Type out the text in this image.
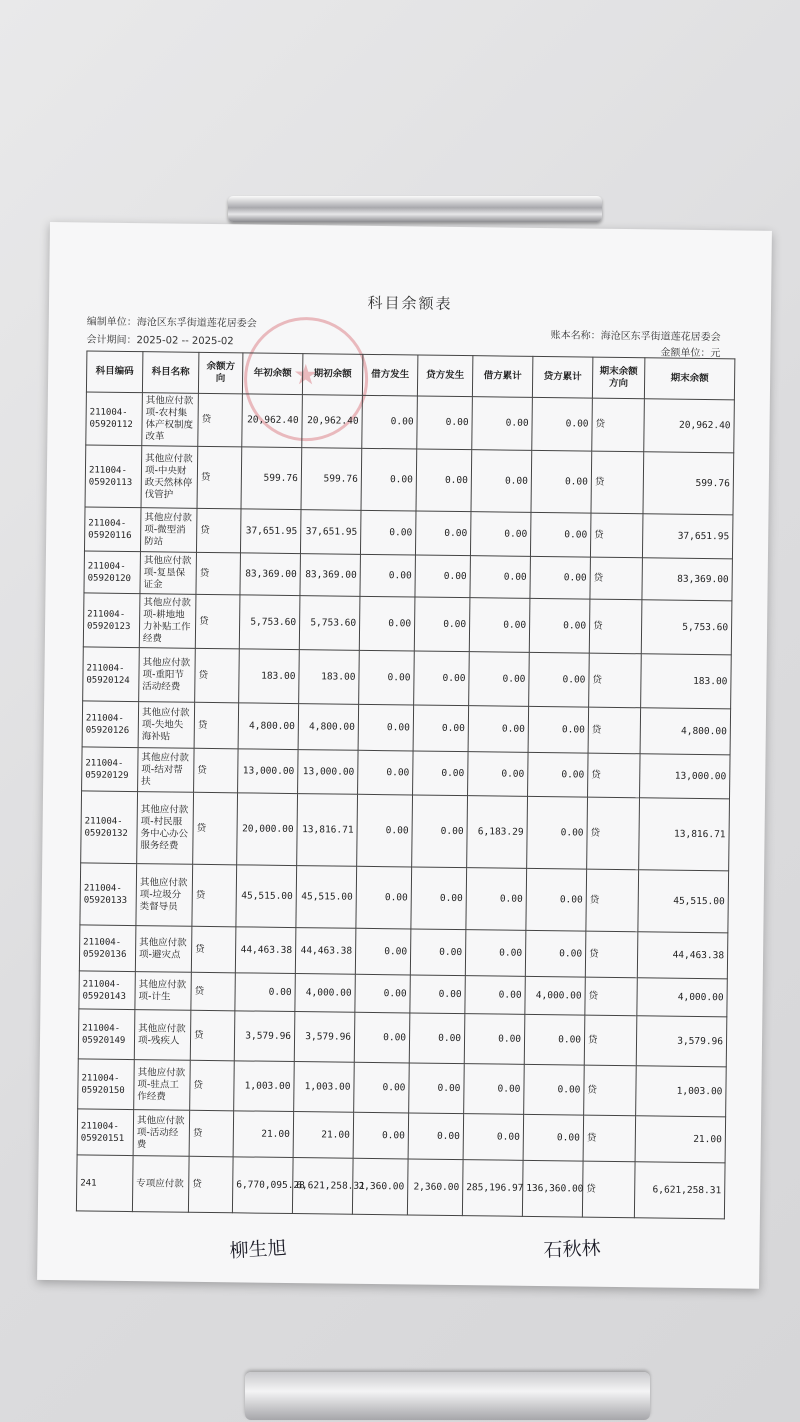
科目余额表
编制单位：海沧区东孚街道莲花居委会
会计期间：2025-02 -- 2025-02	账本名称：海沧区东孚街道莲花居委会
金额单位：元
★
科目编码	科目名称	余额方向	年初余额	期初余额	借方发生	贷方发生	借方累计	贷方累计	期末余额方向	期末余额
211004-05920112	其他应付款项-农村集体产权制度改革	贷	20,962.40	20,962.40	0.00	0.00	0.00	0.00	贷	20,962.40
211004-05920113	其他应付款项-中央财政天然林停伐管护	贷	599.76	599.76	0.00	0.00	0.00	0.00	贷	599.76
211004-05920116	其他应付款项-微型消防站	贷	37,651.95	37,651.95	0.00	0.00	0.00	0.00	贷	37,651.95
211004-05920120	其他应付款项-复垦保证金	贷	83,369.00	83,369.00	0.00	0.00	0.00	0.00	贷	83,369.00
211004-05920123	其他应付款项-耕地地力补贴工作经费	贷	5,753.60	5,753.60	0.00	0.00	0.00	0.00	贷	5,753.60
211004-05920124	其他应付款项-重阳节活动经费	贷	183.00	183.00	0.00	0.00	0.00	0.00	贷	183.00
211004-05920126	其他应付款项-失地失海补贴	贷	4,800.00	4,800.00	0.00	0.00	0.00	0.00	贷	4,800.00
211004-05920129	其他应付款项-结对帮扶	贷	13,000.00	13,000.00	0.00	0.00	0.00	0.00	贷	13,000.00
211004-05920132	其他应付款项-村民服务中心办公服务经费	贷	20,000.00	13,816.71	0.00	0.00	6,183.29	0.00	贷	13,816.71
211004-05920133	其他应付款项-垃圾分类督导员	贷	45,515.00	45,515.00	0.00	0.00	0.00	0.00	贷	45,515.00
211004-05920136	其他应付款项-避灾点	贷	44,463.38	44,463.38	0.00	0.00	0.00	0.00	贷	44,463.38
211004-05920143	其他应付款项-计生	贷	0.00	4,000.00	0.00	0.00	0.00	4,000.00	贷	4,000.00
211004-05920149	其他应付款项-残疾人	贷	3,579.96	3,579.96	0.00	0.00	0.00	0.00	贷	3,579.96
211004-05920150	其他应付款项-驻点工作经费	贷	1,003.00	1,003.00	0.00	0.00	0.00	0.00	贷	1,003.00
211004-05920151	其他应付款项-活动经费	贷	21.00	21.00	0.00	0.00	0.00	0.00	贷	21.00
241	专项应付款	贷	6,770,095.28	6,621,258.31	2,360.00	2,360.00	285,196.97	136,360.00	贷	6,621,258.31
柳生旭	石秋林
